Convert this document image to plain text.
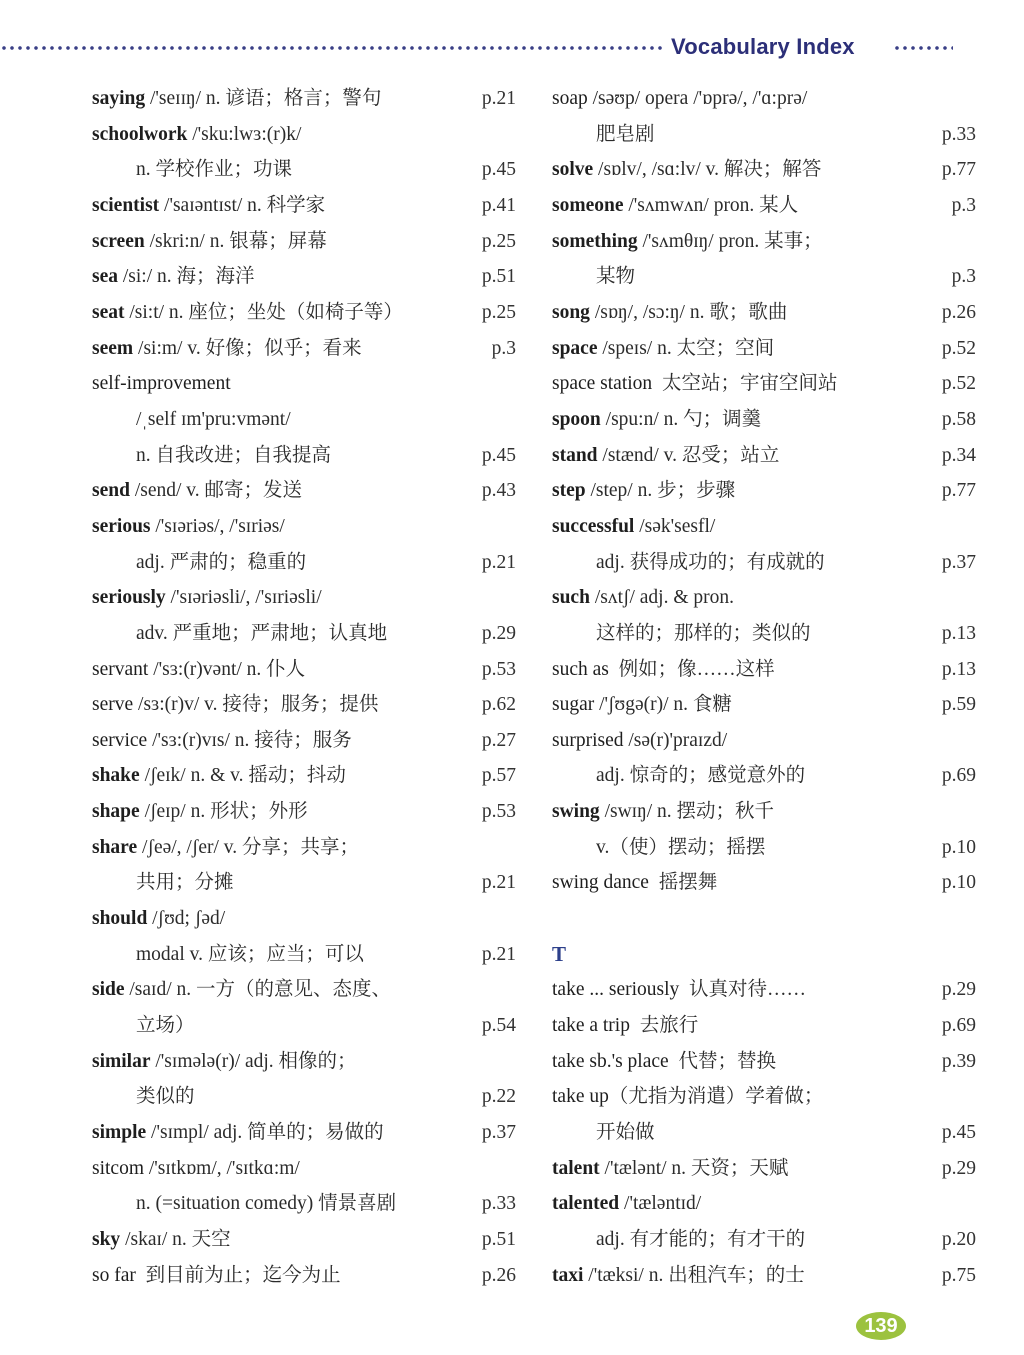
Vocabulary Index
saying /'seɪɪŋ/ n. 谚语；格言；警句	p.21
schoolwork /'sku:lwɜ:(r)k/
n. 学校作业；功课	p.45
scientist /'saɪəntɪst/ n. 科学家	p.41
screen /skri:n/ n. 银幕；屏幕	p.25
sea /si:/ n. 海；海洋	p.51
seat /si:t/ n. 座位；坐处（如椅子等）	p.25
seem /si:m/ v. 好像；似乎；看来	p.3
self-improvement
/ˌself ɪm'pru:vmənt/
n. 自我改进；自我提高	p.45
send /send/ v. 邮寄；发送	p.43
serious /'sɪəriəs/, /'sɪriəs/
adj. 严肃的；稳重的	p.21
seriously /'sɪəriəsli/, /'sɪriəsli/
adv. 严重地；严肃地；认真地	p.29
servant /'sɜ:(r)vənt/ n. 仆人	p.53
serve /sɜ:(r)v/ v. 接待；服务；提供	p.62
service /'sɜ:(r)vɪs/ n. 接待；服务	p.27
shake /ʃeɪk/ n. & v. 摇动；抖动	p.57
shape /ʃeɪp/ n. 形状；外形	p.53
share /ʃeə/, /ʃer/ v. 分享；共享；
共用；分摊	p.21
should /ʃʊd; ʃəd/
modal v. 应该；应当；可以	p.21
side /saɪd/ n. 一方（的意见、态度、
立场）	p.54
similar /'sɪmələ(r)/ adj. 相像的；
类似的	p.22
simple /'sɪmpl/ adj. 简单的；易做的	p.37
sitcom /'sɪtkɒm/, /'sɪtkɑ:m/
n. (=situation comedy) 情景喜剧	p.33
sky /skaɪ/ n. 天空	p.51
so far  到目前为止；迄今为止	p.26
soap /səʊp/ opera /'ɒprə/, /'ɑ:prə/
肥皂剧	p.33
solve /sɒlv/, /sɑ:lv/ v. 解决；解答	p.77
someone /'sʌmwʌn/ pron. 某人	p.3
something /'sʌmθɪŋ/ pron. 某事；
某物	p.3
song /sɒŋ/, /sɔ:ŋ/ n. 歌；歌曲	p.26
space /speɪs/ n. 太空；空间	p.52
space station  太空站；宇宙空间站	p.52
spoon /spu:n/ n. 勺；调羹	p.58
stand /stænd/ v. 忍受；站立	p.34
step /step/ n. 步；步骤	p.77
successful /sək'sesfl/
adj. 获得成功的；有成就的	p.37
such /sʌtʃ/ adj. & pron.
这样的；那样的；类似的	p.13
such as  例如；像……这样	p.13
sugar /'ʃʊgə(r)/ n. 食糖	p.59
surprised /sə(r)'praɪzd/
adj. 惊奇的；感觉意外的	p.69
swing /swɪŋ/ n. 摆动；秋千
v.（使）摆动；摇摆	p.10
swing dance  摇摆舞	p.10
T
take ... seriously  认真对待……	p.29
take a trip  去旅行	p.69
take sb.'s place  代替；替换	p.39
take up（尤指为消遣）学着做；
开始做	p.45
talent /'tælənt/ n. 天资；天赋	p.29
talented /'tæləntɪd/
adj. 有才能的；有才干的	p.20
taxi /'tæksi/ n. 出租汽车；的士	p.75
139
